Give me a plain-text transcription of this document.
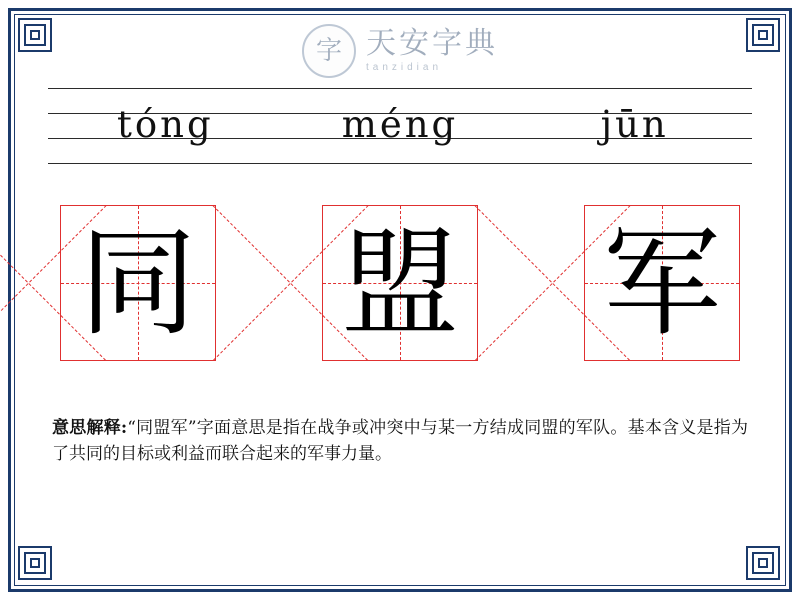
字 天安字典
tanzidian
tóng	méng	jūn
同 盟 军
意思解释:“同盟军”字面意思是指在战争或冲突中与某一方结成同盟的军队。基本含义是指为了共同的目标或利益而联合起来的军事力量。
